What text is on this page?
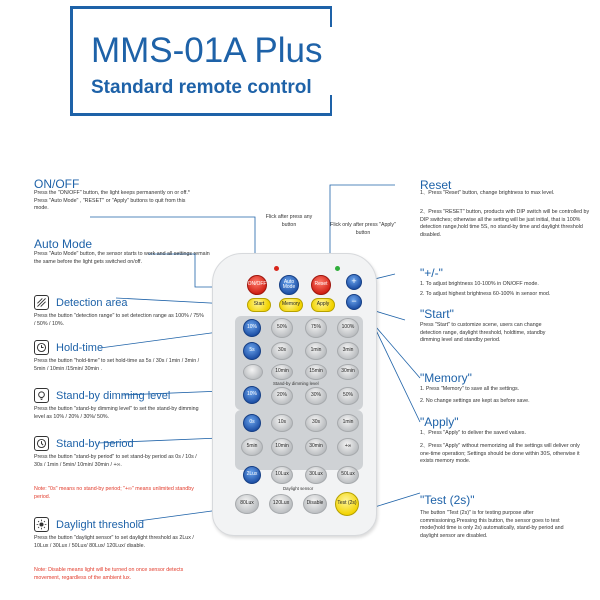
MMS-01A Plus
Standard remote control
ON/OFF
Press the "ON/OFF" button, the light keeps permanently on or off.* Press "Auto Mode" , "RESET" or "Apply" buttons to quit from this mode.
Auto Mode
Press "Auto Mode" button, the sensor starts to work and all settings remain the same before the light gets switched on/off.
Detection area
Press the button "detection range" to set detection range as 100% / 75% / 50% / 10%.
Hold-time
Press the button "hold-time" to set hold-time as 5s / 30s / 1min / 3min / 5min / 10min /15min/ 30min .
Stand-by dimming level
Press the button "stand-by dimming level" to set the stand-by dimming level as 10% / 20% / 30%/ 50%.
Stand-by period
Press the button "stand-by period" to set stand-by period as 0s / 10s / 30s / 1min / 5min/ 10min/ 30min / +∞.
Note: "0s" means no stand-by period; "+∞" means unlimited standby period.
Daylight threshold
Press the button "daylight sensor" to set daylight threshold as 2Lux / 10Lux / 30Lux / 50Lux/ 80Lux/ 120Lux/ disable.
Note: Disable means light will be turned on once sensor detects movement, regardless of the ambient lux.
Flick after press any button	Flick only after press "Apply" button
ON/OFF	Auto Mode	Reset	+
−
Start	Memory	Apply
10%	50%	75%	100%
5s	30s	1min	3min
10min	15min	30min
Stand-by dimming level
10%	20%	30%	50%
0s	10s	30s	1min
5min	10min	30min	+∞
2Lux	10Lux	30Lux	50Lux
Daylight sensor
80Lux	120Lux	Disable	Test (2s)
Reset
1、Press "Reset" button, change brightness to max level.
2、Press "RESET" button, products with DIP switch will be controlled by DIP switches; otherwise all the setting will be just initial, that is 100% detection range,hold time 5S, no stand-by time and daylight threshold disabled.
"+/-"
1. To adjust brightness 10-100% in ON/OFF mode.
2. To adjust highest brightness 60-100% in sensor mod.
"Start"
Press "Start" to customize scene, users can change detection range, daylight threshold, holdtime, standby dimming level and standby period.
"Memory"
1. Press "Memory" to save all the settings.
2. No change settings are kept as before save.
"Apply"
1、Press "Apply" to deliver the saved values.
2、Press "Apply" without memorizing all the settings will deliver only one-time operation; Settings should be done within 30S, otherwise it exists memory mode.
"Test (2s)"
The button "Test (2s)" is for testing purpose after commissioning.Pressing this button, the sensor goes to test mode(hold time is only 2s) automatically, stand-by period and daylight sensor are disabled.
